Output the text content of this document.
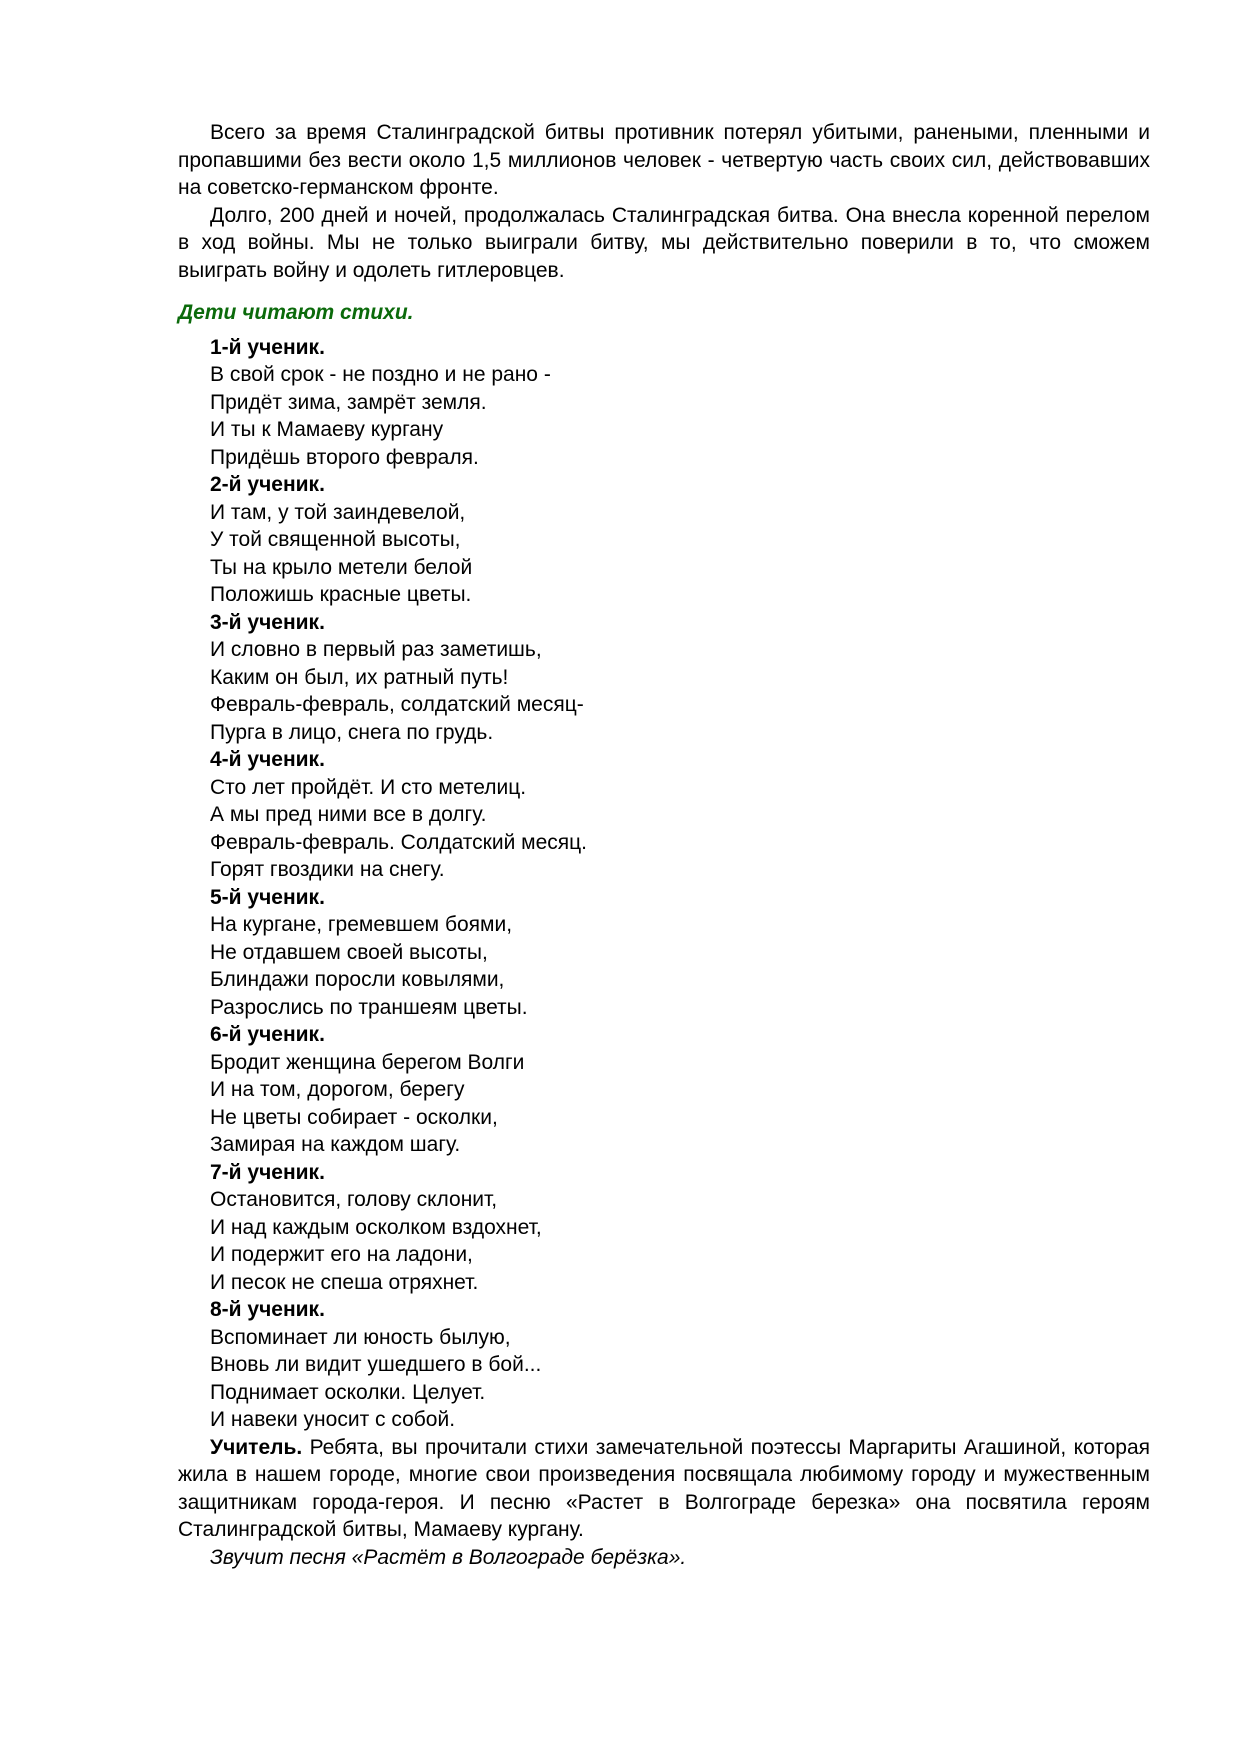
Всего за время Сталинградской битвы противник потерял убитыми, ранеными, пленными и пропавшими без вести около 1,5 миллионов человек - четвертую часть своих сил, действовавших на советско-германском фронте.

Долго, 200 дней и ночей, продолжалась Сталинградская битва. Она внесла коренной перелом в ход войны. Мы не только выиграли битву, мы действительно поверили в то, что сможем выиграть войну и одолеть гитлеровцев.

Дети читают стихи.

1-й ученик.

В свой срок - не поздно и не рано -

Придёт зима, замрёт земля.

И ты к Мамаеву кургану

Придёшь второго февраля.

2-й ученик.

И там, у той заиндевелой,

У той священной высоты,

Ты на крыло метели белой

Положишь красные цветы.

3-й ученик.

И словно в первый раз заметишь,

Каким он был, их ратный путь!

Февраль-февраль, солдатский месяц-

Пурга в лицо, снега по грудь.

4-й ученик.

Сто лет пройдёт. И сто метелиц.

А мы пред ними все в долгу.

Февраль-февраль. Солдатский месяц.

Горят гвоздики на снегу.

5-й ученик.

На кургане, гремевшем боями,

Не отдавшем своей высоты,

Блиндажи поросли ковылями,

Разрослись по траншеям цветы.

6-й ученик.

Бродит женщина берегом Волги

И на том, дорогом, берегу

Не цветы собирает - осколки,

Замирая на каждом шагу.

7-й ученик.

Остановится, голову склонит,

И над каждым осколком вздохнет,

И подержит его на ладони,

И песок не спеша отряхнет.

8-й ученик.

Вспоминает ли юность былую,

Вновь ли видит ушедшего в бой...

Поднимает осколки. Целует.

И навеки уносит с собой.

Учитель. Ребята, вы прочитали стихи замечательной поэтессы Маргариты Агашиной, которая жила в нашем городе, многие свои произведения посвящала любимому городу и мужественным защитникам города-героя. И песню «Растет в Волгограде березка» она посвятила героям Сталинградской битвы, Мамаеву кургану.

Звучит песня «Растёт в Волгограде берёзка».
